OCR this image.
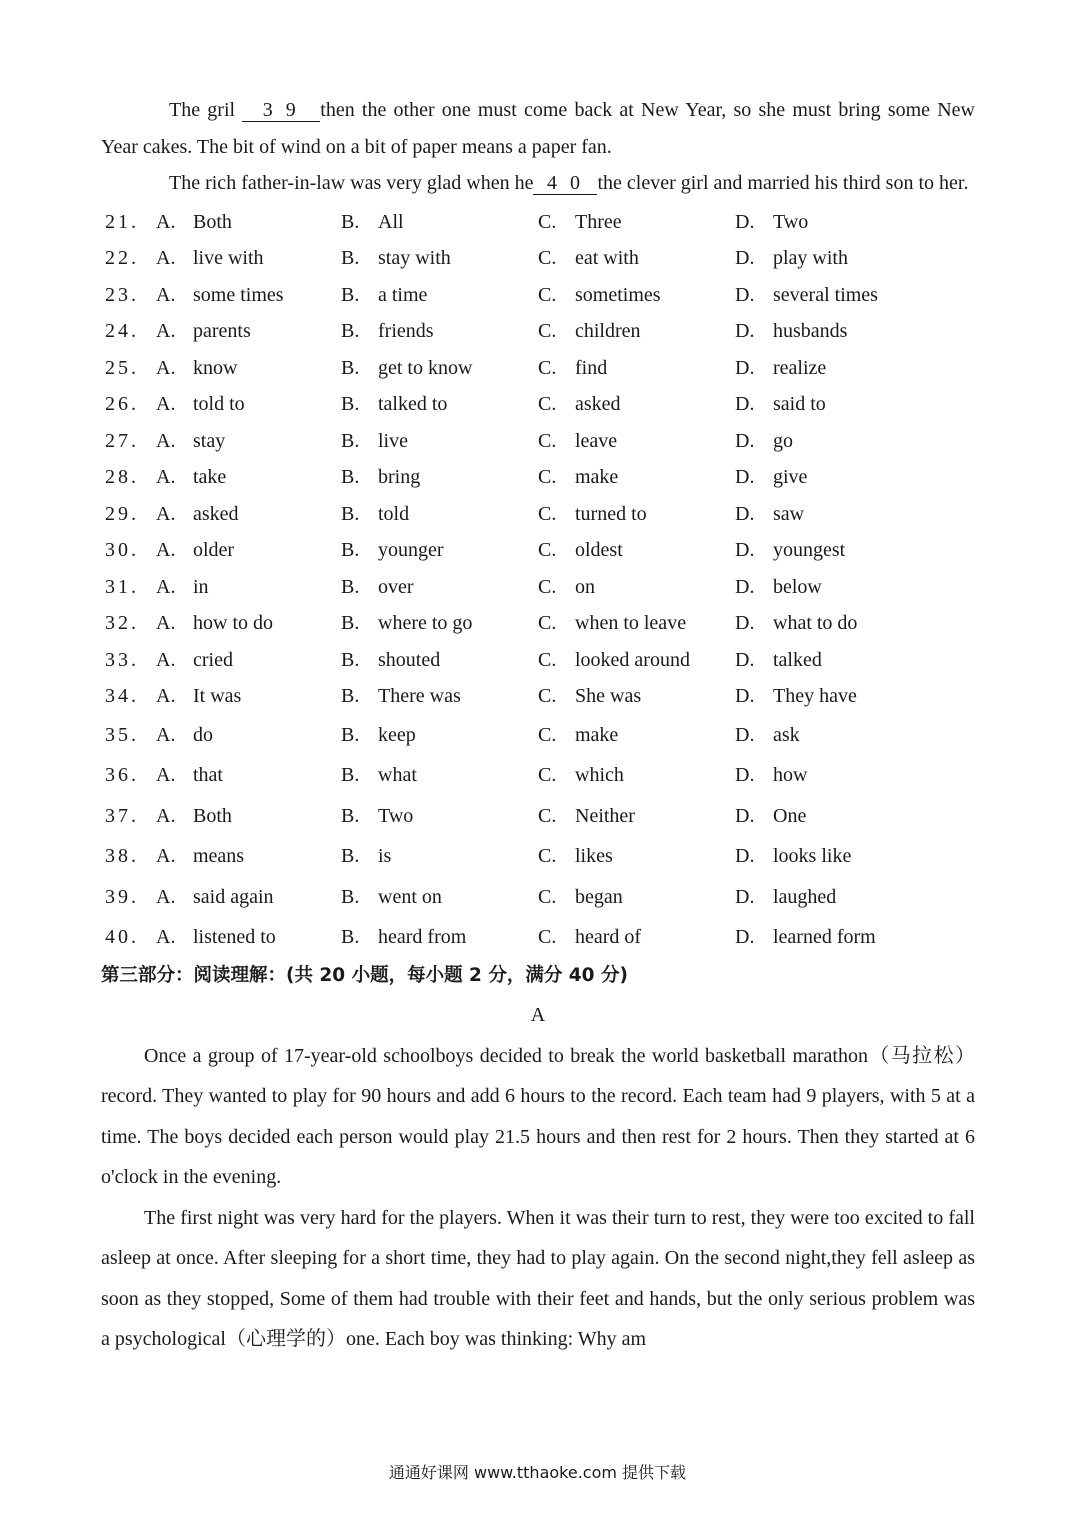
The gril 3 9 then the other one must come back at New Year, so she must bring some New Year cakes. The bit of wind on a bit of paper means a paper fan.

The rich father-in-law was very glad when he 4 0 the clever girl and married his third son to her.

21. A. Both	B. All	C. Three	D. Two
22. A. live with	B. stay with	C. eat with	D. play with
23. A. some times	B. a time	C. sometimes	D. several times
24. A. parents	B. friends	C. children	D. husbands
25. A. know	B. get to know	C. find	D. realize
26. A. told to	B. talked to	C. asked	D. said to
27. A. stay	B. live	C. leave	D. go
28. A. take	B. bring	C. make	D. give
29. A. asked	B. told	C. turned to	D. saw
30. A. older	B. younger	C. oldest	D. youngest
31. A. in	B. over	C. on	D. below
32. A. how to do	B. where to go	C. when to leave D. what to do
33. A. cried	B. shouted	C. looked around D. talked
34. A. It was	B. There was	C. She was	D. They have
35. A. do	B. keep	C. make	D. ask
36. A. that	B. what	C. which	D. how
37. A. Both	B. Two	C. Neither	D. One
38. A. means	B. is	C. likes	D. looks like
39. A. said again	B. went on	C. began	D. laughed
40. A. listened to	B. heard from	C. heard of	D. learned form

第三部分：阅读理解：(共 20 小题，每小题 2 分，满分 40 分)

A

Once a group of 17-year-old schoolboys decided to break the world basketball marathon（马拉松）record. They wanted to play for 90 hours and add 6 hours to the record. Each team had 9 players, with 5 at a time. The boys decided each person would play 21.5 hours and then rest for 2 hours. Then they started at 6 o'clock in the evening.

The first night was very hard for the players. When it was their turn to rest, they were too excited to fall asleep at once. After sleeping for a short time, they had to play again. On the second night,they fell asleep as soon as they stopped, Some of them had trouble with their feet and hands, but the only serious problem was a psychological（心理学的）one. Each boy was thinking: Why am

通通好课网 www.tthaoke.com 提供下载
